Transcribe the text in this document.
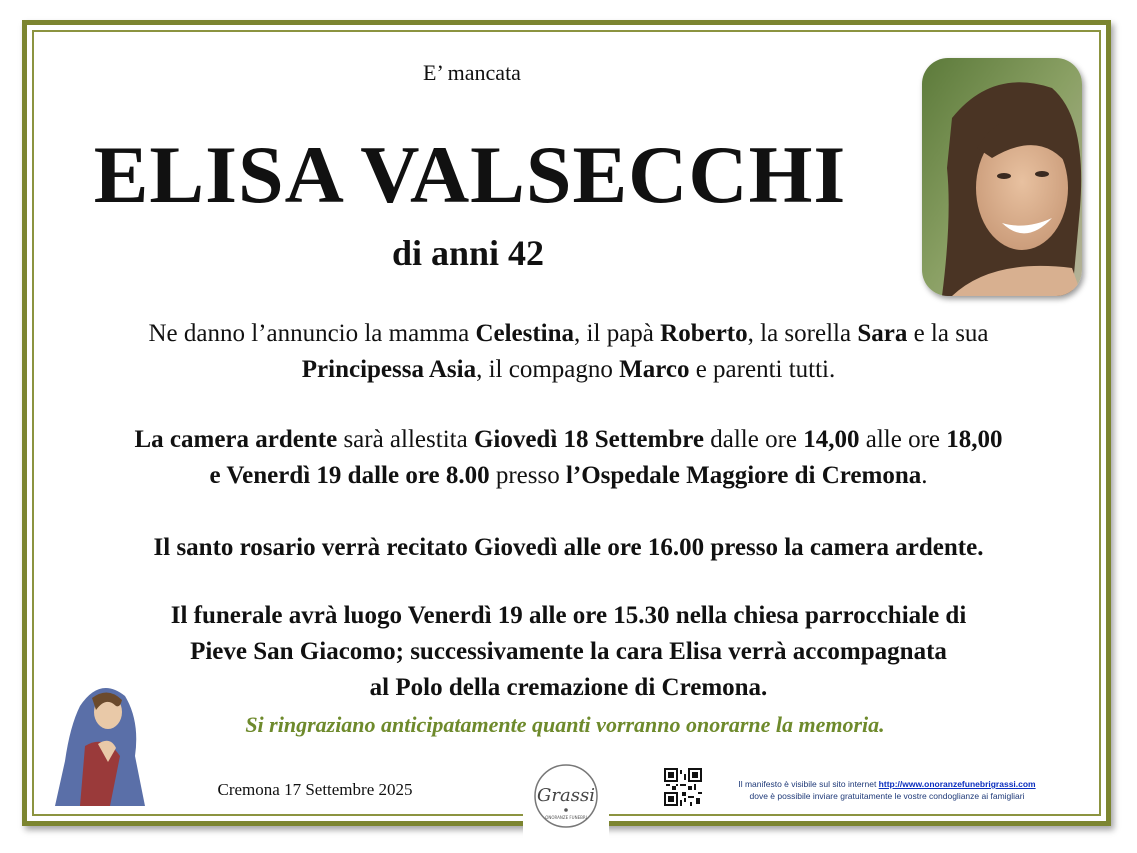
E’ mancata
ELISA VALSECCHI
di anni 42
Ne danno l’annuncio la mamma Celestina, il papà Roberto, la sorella Sara e la sua
Principessa Asia, il compagno Marco e parenti tutti.
La camera ardente sarà allestita Giovedì 18 Settembre dalle ore 14,00 alle ore 18,00
e Venerdì 19 dalle ore 8.00 presso l’Ospedale Maggiore di Cremona.
Il santo rosario verrà recitato Giovedì alle ore 16.00 presso la camera ardente.
Il funerale avrà luogo Venerdì 19 alle ore 15.30 nella chiesa parrocchiale di
Pieve San Giacomo; successivamente la cara Elisa verrà accompagnata
al Polo della cremazione di Cremona.
Si ringraziano anticipatamente quanti vorranno onorarne la memoria.
Cremona 17 Settembre 2025	Grassi
ONORANZE FUNEBRI
Il manifesto è visibile sul sito internet http://www.onoranzefunebrigrassi.com
dove è possibile inviare gratuitamente le vostre condoglianze ai famigliari
